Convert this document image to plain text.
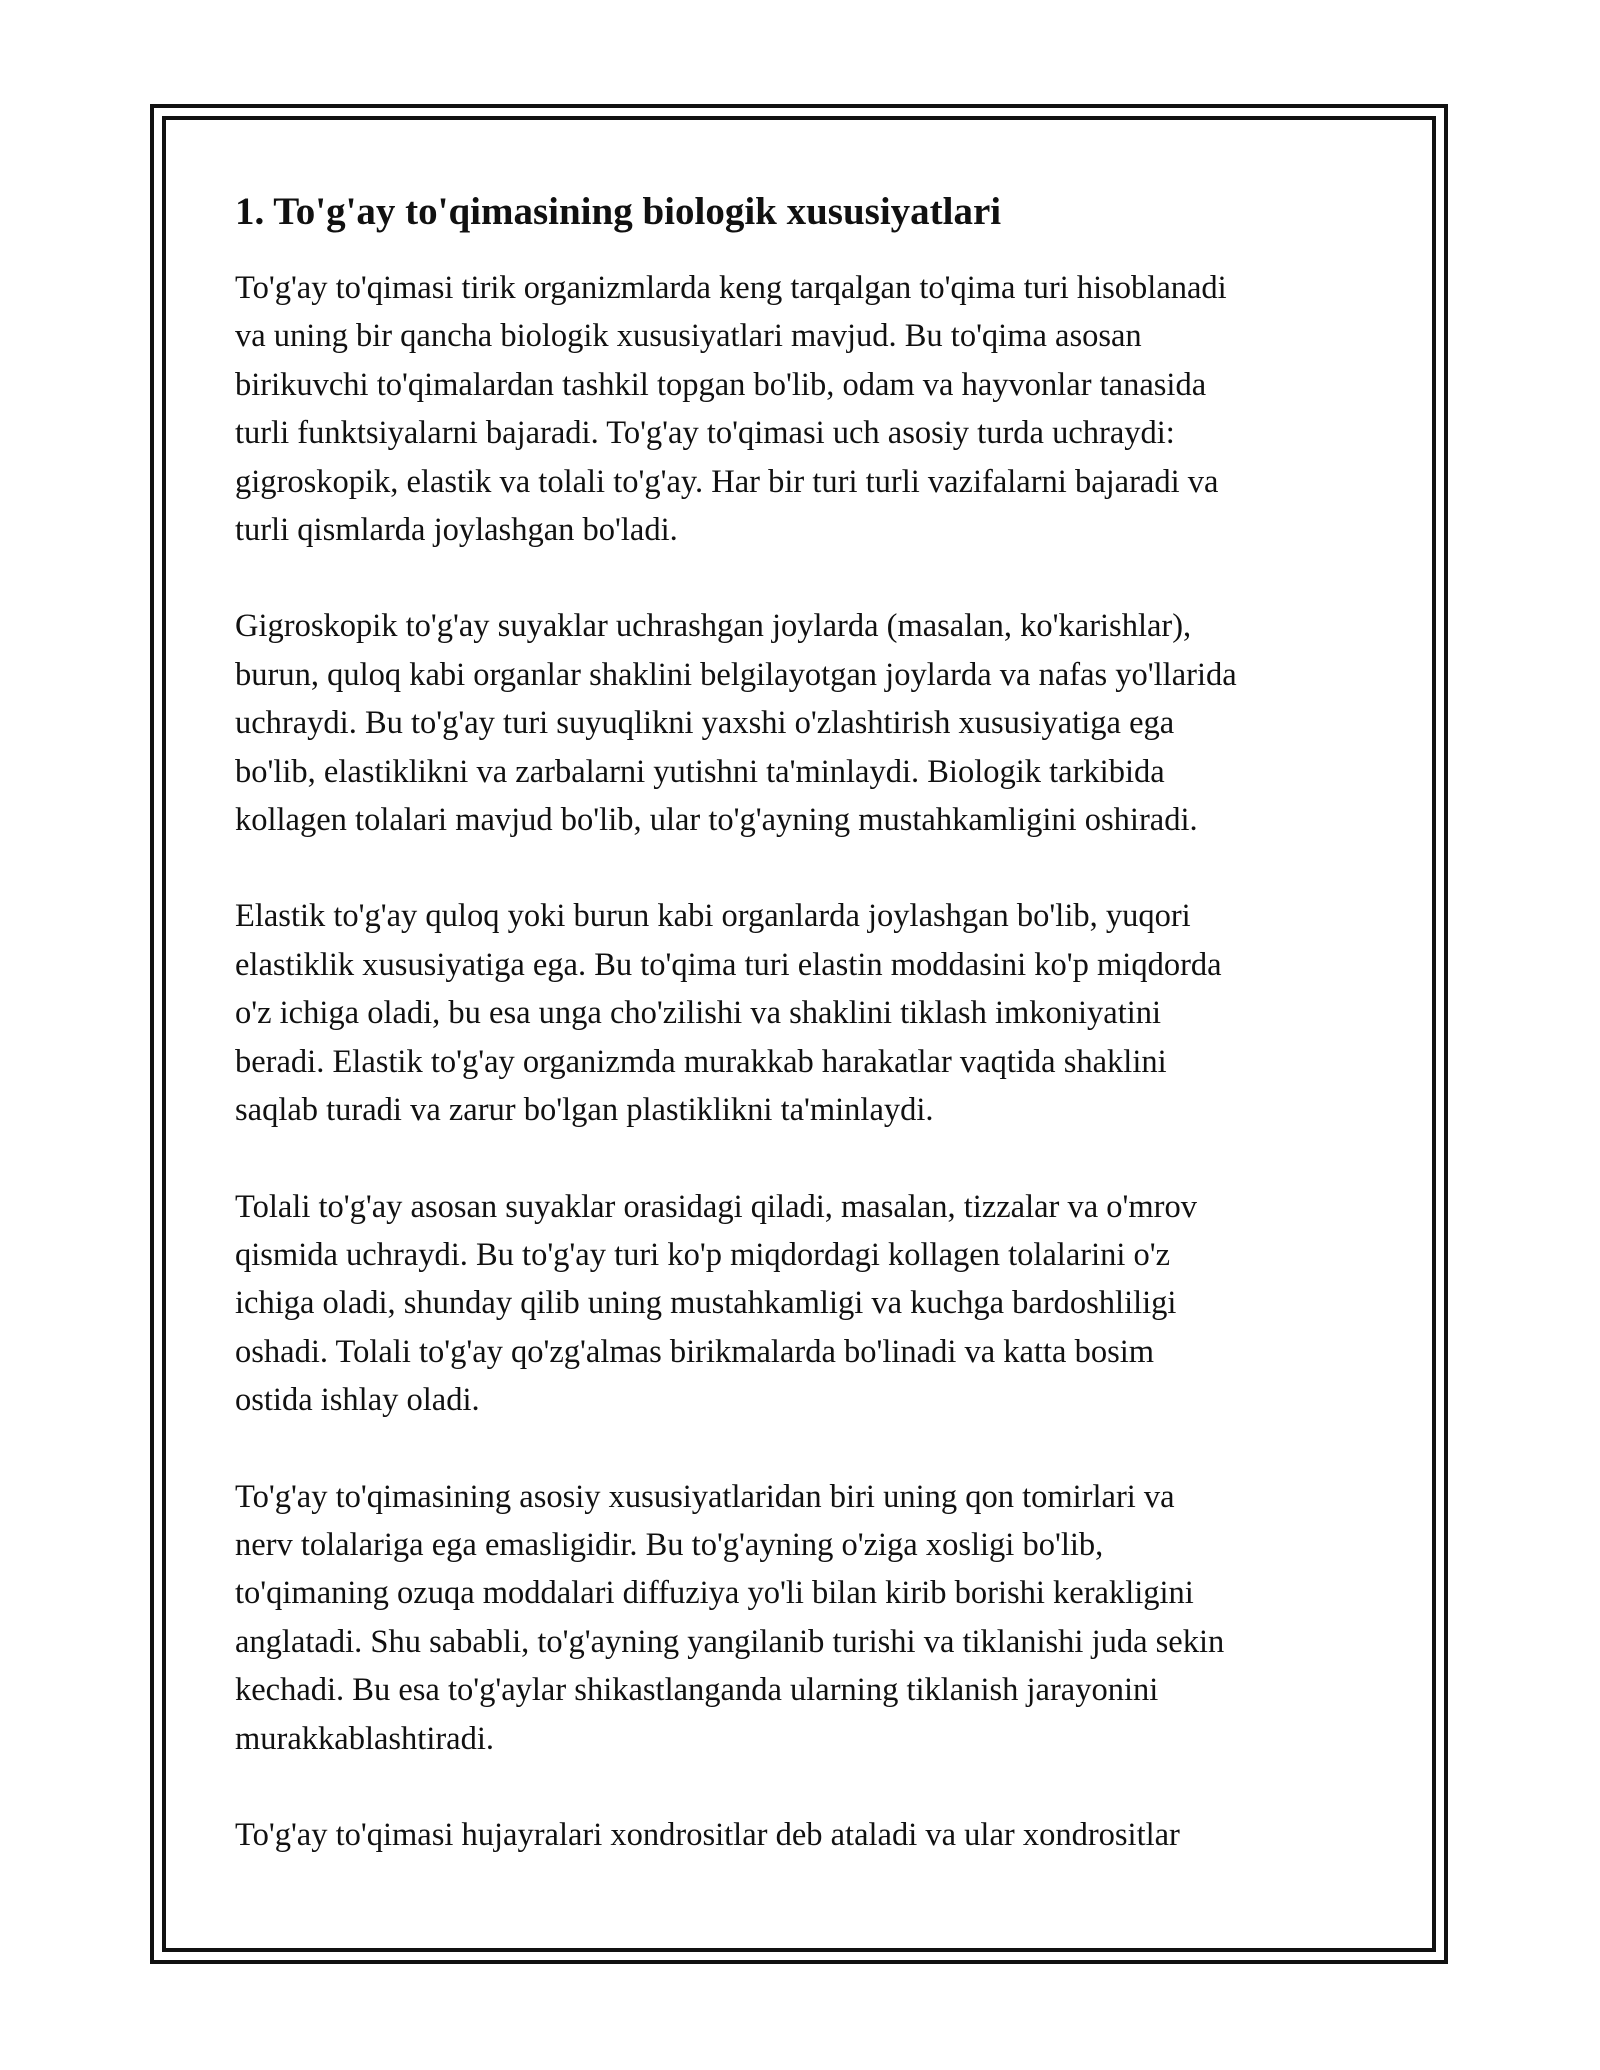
1. To'g'ay to'qimasining biologik xususiyatlari

To'g'ay to'qimasi tirik organizmlarda keng tarqalgan to'qima turi hisoblanadi
va uning bir qancha biologik xususiyatlari mavjud. Bu to'qima asosan
birikuvchi to'qimalardan tashkil topgan bo'lib, odam va hayvonlar tanasida
turli funktsiyalarni bajaradi. To'g'ay to'qimasi uch asosiy turda uchraydi:
gigroskopik, elastik va tolali to'g'ay. Har bir turi turli vazifalarni bajaradi va
turli qismlarda joylashgan bo'ladi.

Gigroskopik to'g'ay suyaklar uchrashgan joylarda (masalan, ko'karishlar),
burun, quloq kabi organlar shaklini belgilayotgan joylarda va nafas yo'llarida
uchraydi. Bu to'g'ay turi suyuqlikni yaxshi o'zlashtirish xususiyatiga ega
bo'lib, elastiklikni va zarbalarni yutishni ta'minlaydi. Biologik tarkibida
kollagen tolalari mavjud bo'lib, ular to'g'ayning mustahkamligini oshiradi.

Elastik to'g'ay quloq yoki burun kabi organlarda joylashgan bo'lib, yuqori
elastiklik xususiyatiga ega. Bu to'qima turi elastin moddasini ko'p miqdorda
o'z ichiga oladi, bu esa unga cho'zilishi va shaklini tiklash imkoniyatini
beradi. Elastik to'g'ay organizmda murakkab harakatlar vaqtida shaklini
saqlab turadi va zarur bo'lgan plastiklikni ta'minlaydi.

Tolali to'g'ay asosan suyaklar orasidagi qiladi, masalan, tizzalar va o'mrov
qismida uchraydi. Bu to'g'ay turi ko'p miqdordagi kollagen tolalarini o'z
ichiga oladi, shunday qilib uning mustahkamligi va kuchga bardoshliligi
oshadi. Tolali to'g'ay qo'zg'almas birikmalarda bo'linadi va katta bosim
ostida ishlay oladi.

To'g'ay to'qimasining asosiy xususiyatlaridan biri uning qon tomirlari va
nerv tolalariga ega emasligidir. Bu to'g'ayning o'ziga xosligi bo'lib,
to'qimaning ozuqa moddalari diffuziya yo'li bilan kirib borishi kerakligini
anglatadi. Shu sababli, to'g'ayning yangilanib turishi va tiklanishi juda sekin
kechadi. Bu esa to'g'aylar shikastlanganda ularning tiklanish jarayonini
murakkablashtiradi.

To'g'ay to'qimasi hujayralari xondrositlar deb ataladi va ular xondrositlar
